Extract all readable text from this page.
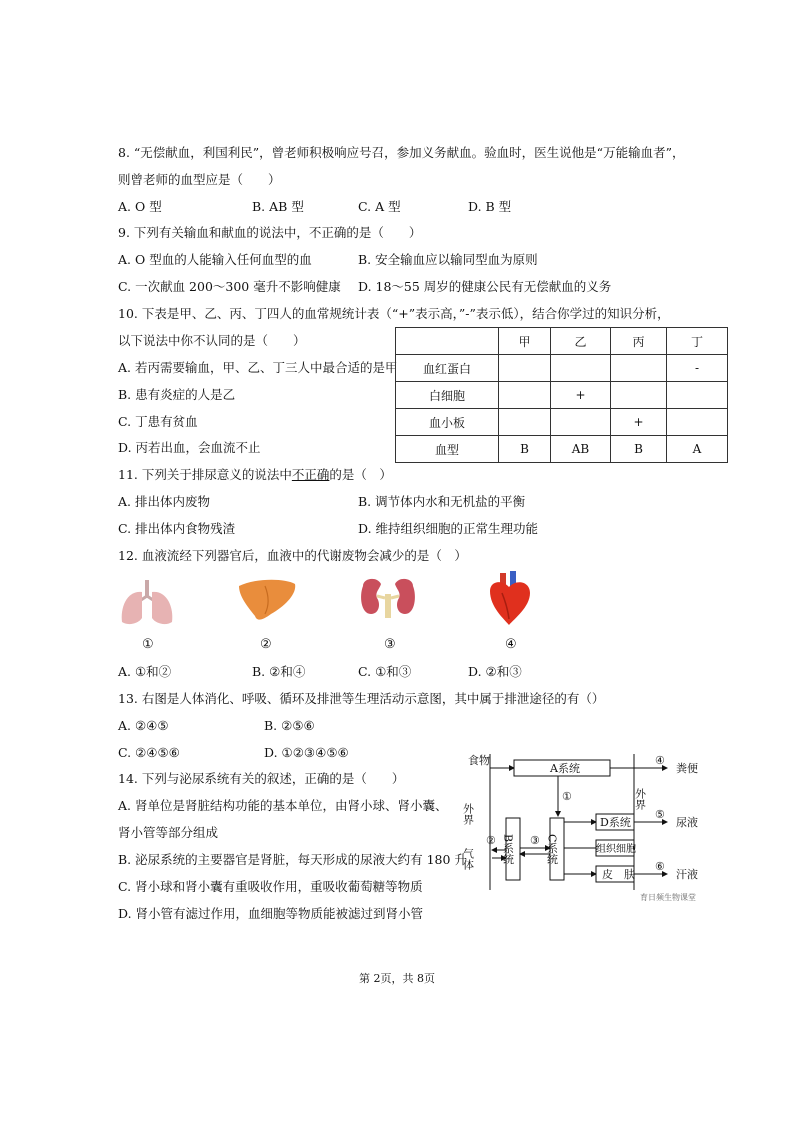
8. “无偿献血，利国利民”，曾老师积极响应号召，参加义务献血。验血时，医生说他是“万能输血者”，
则曾老师的血型应是（　　）
A. O 型	B. AB 型	C. A 型	D. B 型
9. 下列有关输血和献血的说法中，不正确的是（　　）
A. O 型血的人能输入任何血型的血	B. 安全输血应以输同型血为原则
C. 一次献血 200～300 毫升不影响健康 D. 18～55 周岁的健康公民有无偿献血的义务
10. 下表是甲、乙、丙、丁四人的血常规统计表（“+”表示高，”-”表示低），结合你学过的知识分析，
以下说法中你不认同的是（　　）
A. 若丙需要输血，甲、乙、丁三人中最合适的是甲
B. 患有炎症的人是乙
C. 丁患有贫血
D. 丙若出血，会血流不止
	甲	乙	丙	丁
血红蛋白				-
白细胞		+		
血小板			+	
血型	B	AB	B	A
11. 下列关于排尿意义的说法中不正确的是（　）
A. 排出体内废物	B. 调节体内水和无机盐的平衡
C. 排出体内食物残渣	D. 维持组织细胞的正常生理功能
12. 血液流经下列器官后，血液中的代谢废物会减少的是（　）
①	②	③	④
A. ①和②	B. ②和④	C. ①和③	D. ②和③
13. 右图是人体消化、呼吸、循环及排泄等生理活动示意图，其中属于排泄途径的有（）
A. ②④⑤	B. ②⑤⑥
C. ②④⑤⑥	D. ①②③④⑤⑥
14. 下列与泌尿系统有关的叙述，正确的是（　　）
A. 肾单位是肾脏结构功能的基本单位，由肾小球、肾小囊、
肾小管等部分组成
B. 泌尿系统的主要器官是肾脏，每天形成的尿液大约有 180 升
C. 肾小球和肾小囊有重吸收作用，重吸收葡萄糖等物质
D. 肾小管有滤过作用，血细胞等物质能被滤过到肾小管
食物
外界
气体
A系统
④
粪便
①	外界
B系统
②	③ C系统
D系统
组织细胞
皮　肤
⑤
尿液
⑥
汗液
育日频生物课堂
第 2页，共 8页
